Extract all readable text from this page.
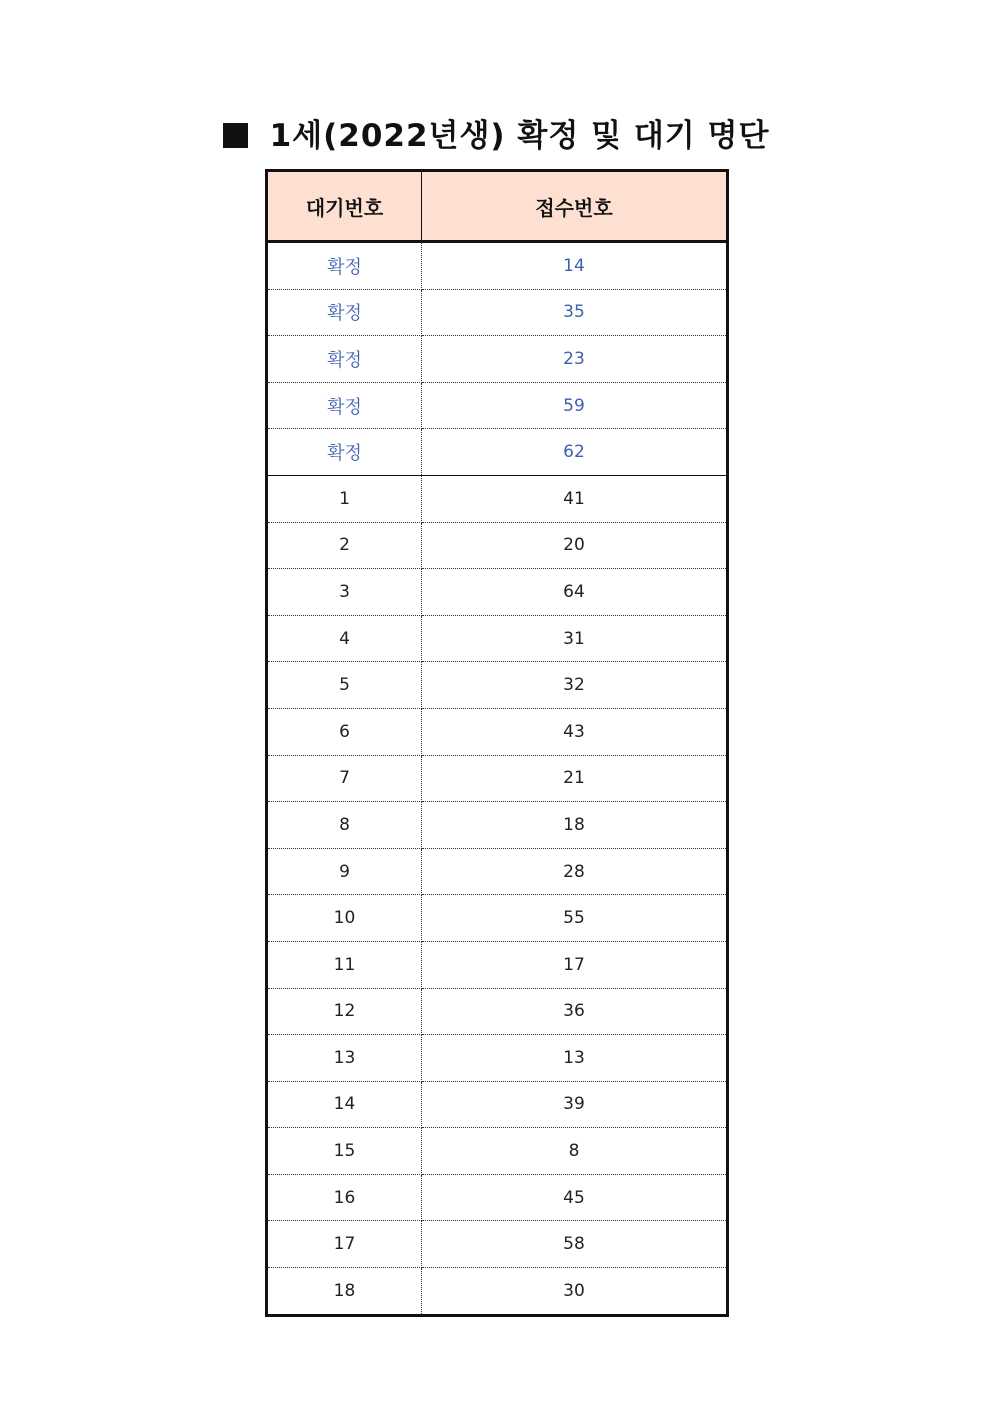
1세(2022년생) 확정 및 대기 명단
대기번호	접수번호
확정	14
확정	35
확정	23
확정	59
확정	62
1	41
2	20
3	64
4	31
5	32
6	43
7	21
8	18
9	28
10	55
11	17
12	36
13	13
14	39
15	8
16	45
17	58
18	30
